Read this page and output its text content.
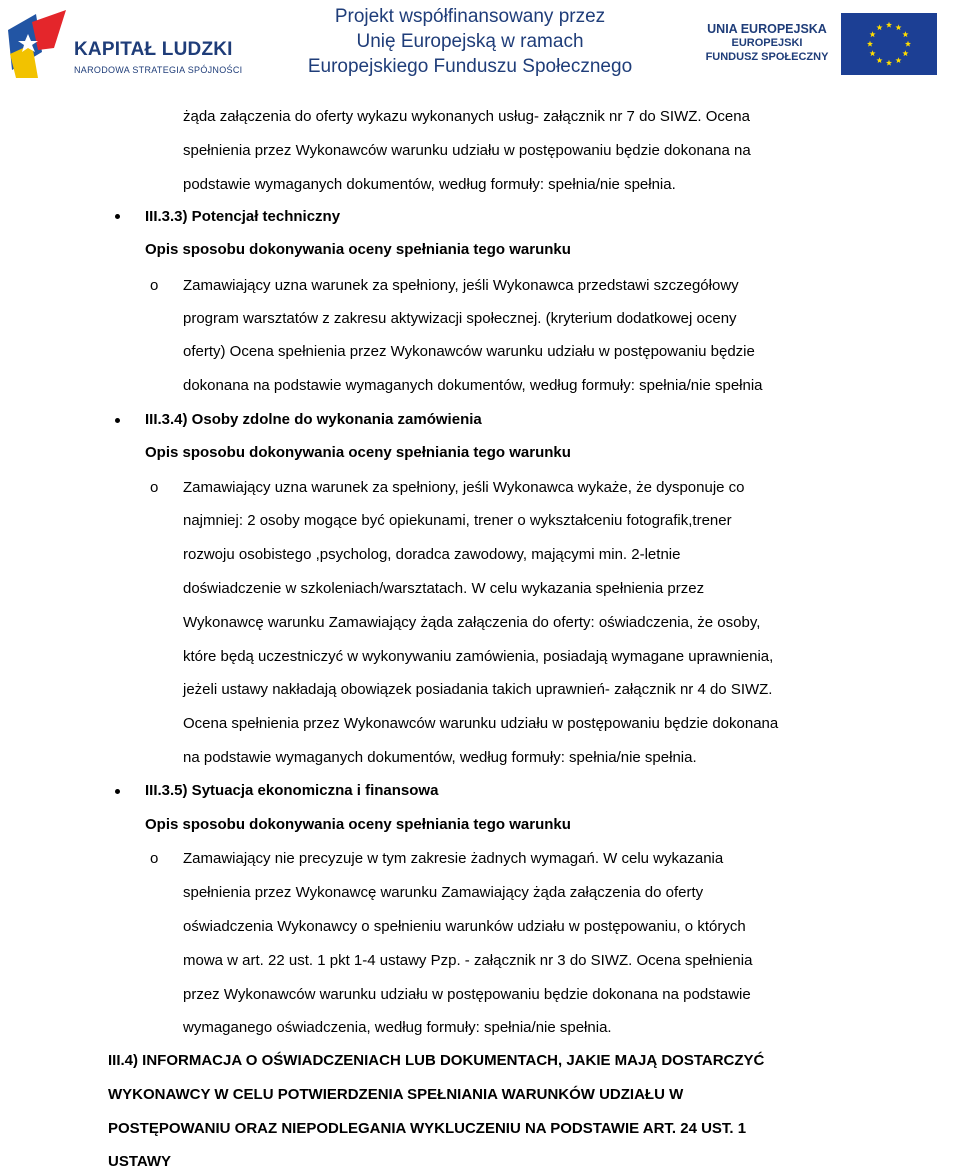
KAPITAŁ LUDZKI
NARODOWA STRATEGIA SPÓJNOŚCI
Projekt współfinansowany przez
Unię Europejską w ramach
Europejskiego Funduszu Społecznego
UNIA EUROPEJSKA
EUROPEJSKI
FUNDUSZ SPOŁECZNY
żąda załączenia do oferty wykazu wykonanych usług- załącznik nr 7 do SIWZ. Ocena
spełnienia przez Wykonawców warunku udziału w postępowaniu będzie dokonana na
podstawie wymaganych dokumentów, według formuły: spełnia/nie spełnia.
III.3.3) Potencjał techniczny
Opis sposobu dokonywania oceny spełniania tego warunku
o Zamawiający uzna warunek za spełniony, jeśli Wykonawca przedstawi szczegółowy
program warsztatów z zakresu aktywizacji społecznej. (kryterium dodatkowej oceny
oferty) Ocena spełnienia przez Wykonawców warunku udziału w postępowaniu będzie
dokonana na podstawie wymaganych dokumentów, według formuły: spełnia/nie spełnia
III.3.4) Osoby zdolne do wykonania zamówienia
Opis sposobu dokonywania oceny spełniania tego warunku
o Zamawiający uzna warunek za spełniony, jeśli Wykonawca wykaże, że dysponuje co
najmniej: 2 osoby mogące być opiekunami, trener o wykształceniu fotografik,trener
rozwoju osobistego ,psycholog, doradca zawodowy, mającymi min. 2-letnie
doświadczenie w szkoleniach/warsztatach. W celu wykazania spełnienia przez
Wykonawcę warunku Zamawiający żąda załączenia do oferty: oświadczenia, że osoby,
które będą uczestniczyć w wykonywaniu zamówienia, posiadają wymagane uprawnienia,
jeżeli ustawy nakładają obowiązek posiadania takich uprawnień- załącznik nr 4 do SIWZ.
Ocena spełnienia przez Wykonawców warunku udziału w postępowaniu będzie dokonana
na podstawie wymaganych dokumentów, według formuły: spełnia/nie spełnia.
III.3.5) Sytuacja ekonomiczna i finansowa
Opis sposobu dokonywania oceny spełniania tego warunku
o Zamawiający nie precyzuje w tym zakresie żadnych wymagań. W celu wykazania
spełnienia przez Wykonawcę warunku Zamawiający żąda załączenia do oferty
oświadczenia Wykonawcy o spełnieniu warunków udziału w postępowaniu, o których
mowa w art. 22 ust. 1 pkt 1-4 ustawy Pzp. - załącznik nr 3 do SIWZ. Ocena spełnienia
przez Wykonawców warunku udziału w postępowaniu będzie dokonana na podstawie
wymaganego oświadczenia, według formuły: spełnia/nie spełnia.
III.4) INFORMACJA O OŚWIADCZENIACH LUB DOKUMENTACH, JAKIE MAJĄ DOSTARCZYĆ
WYKONAWCY W CELU POTWIERDZENIA SPEŁNIANIA WARUNKÓW UDZIAŁU W
POSTĘPOWANIU ORAZ NIEPODLEGANIA WYKLUCZENIU NA PODSTAWIE ART. 24 UST. 1
USTAWY
